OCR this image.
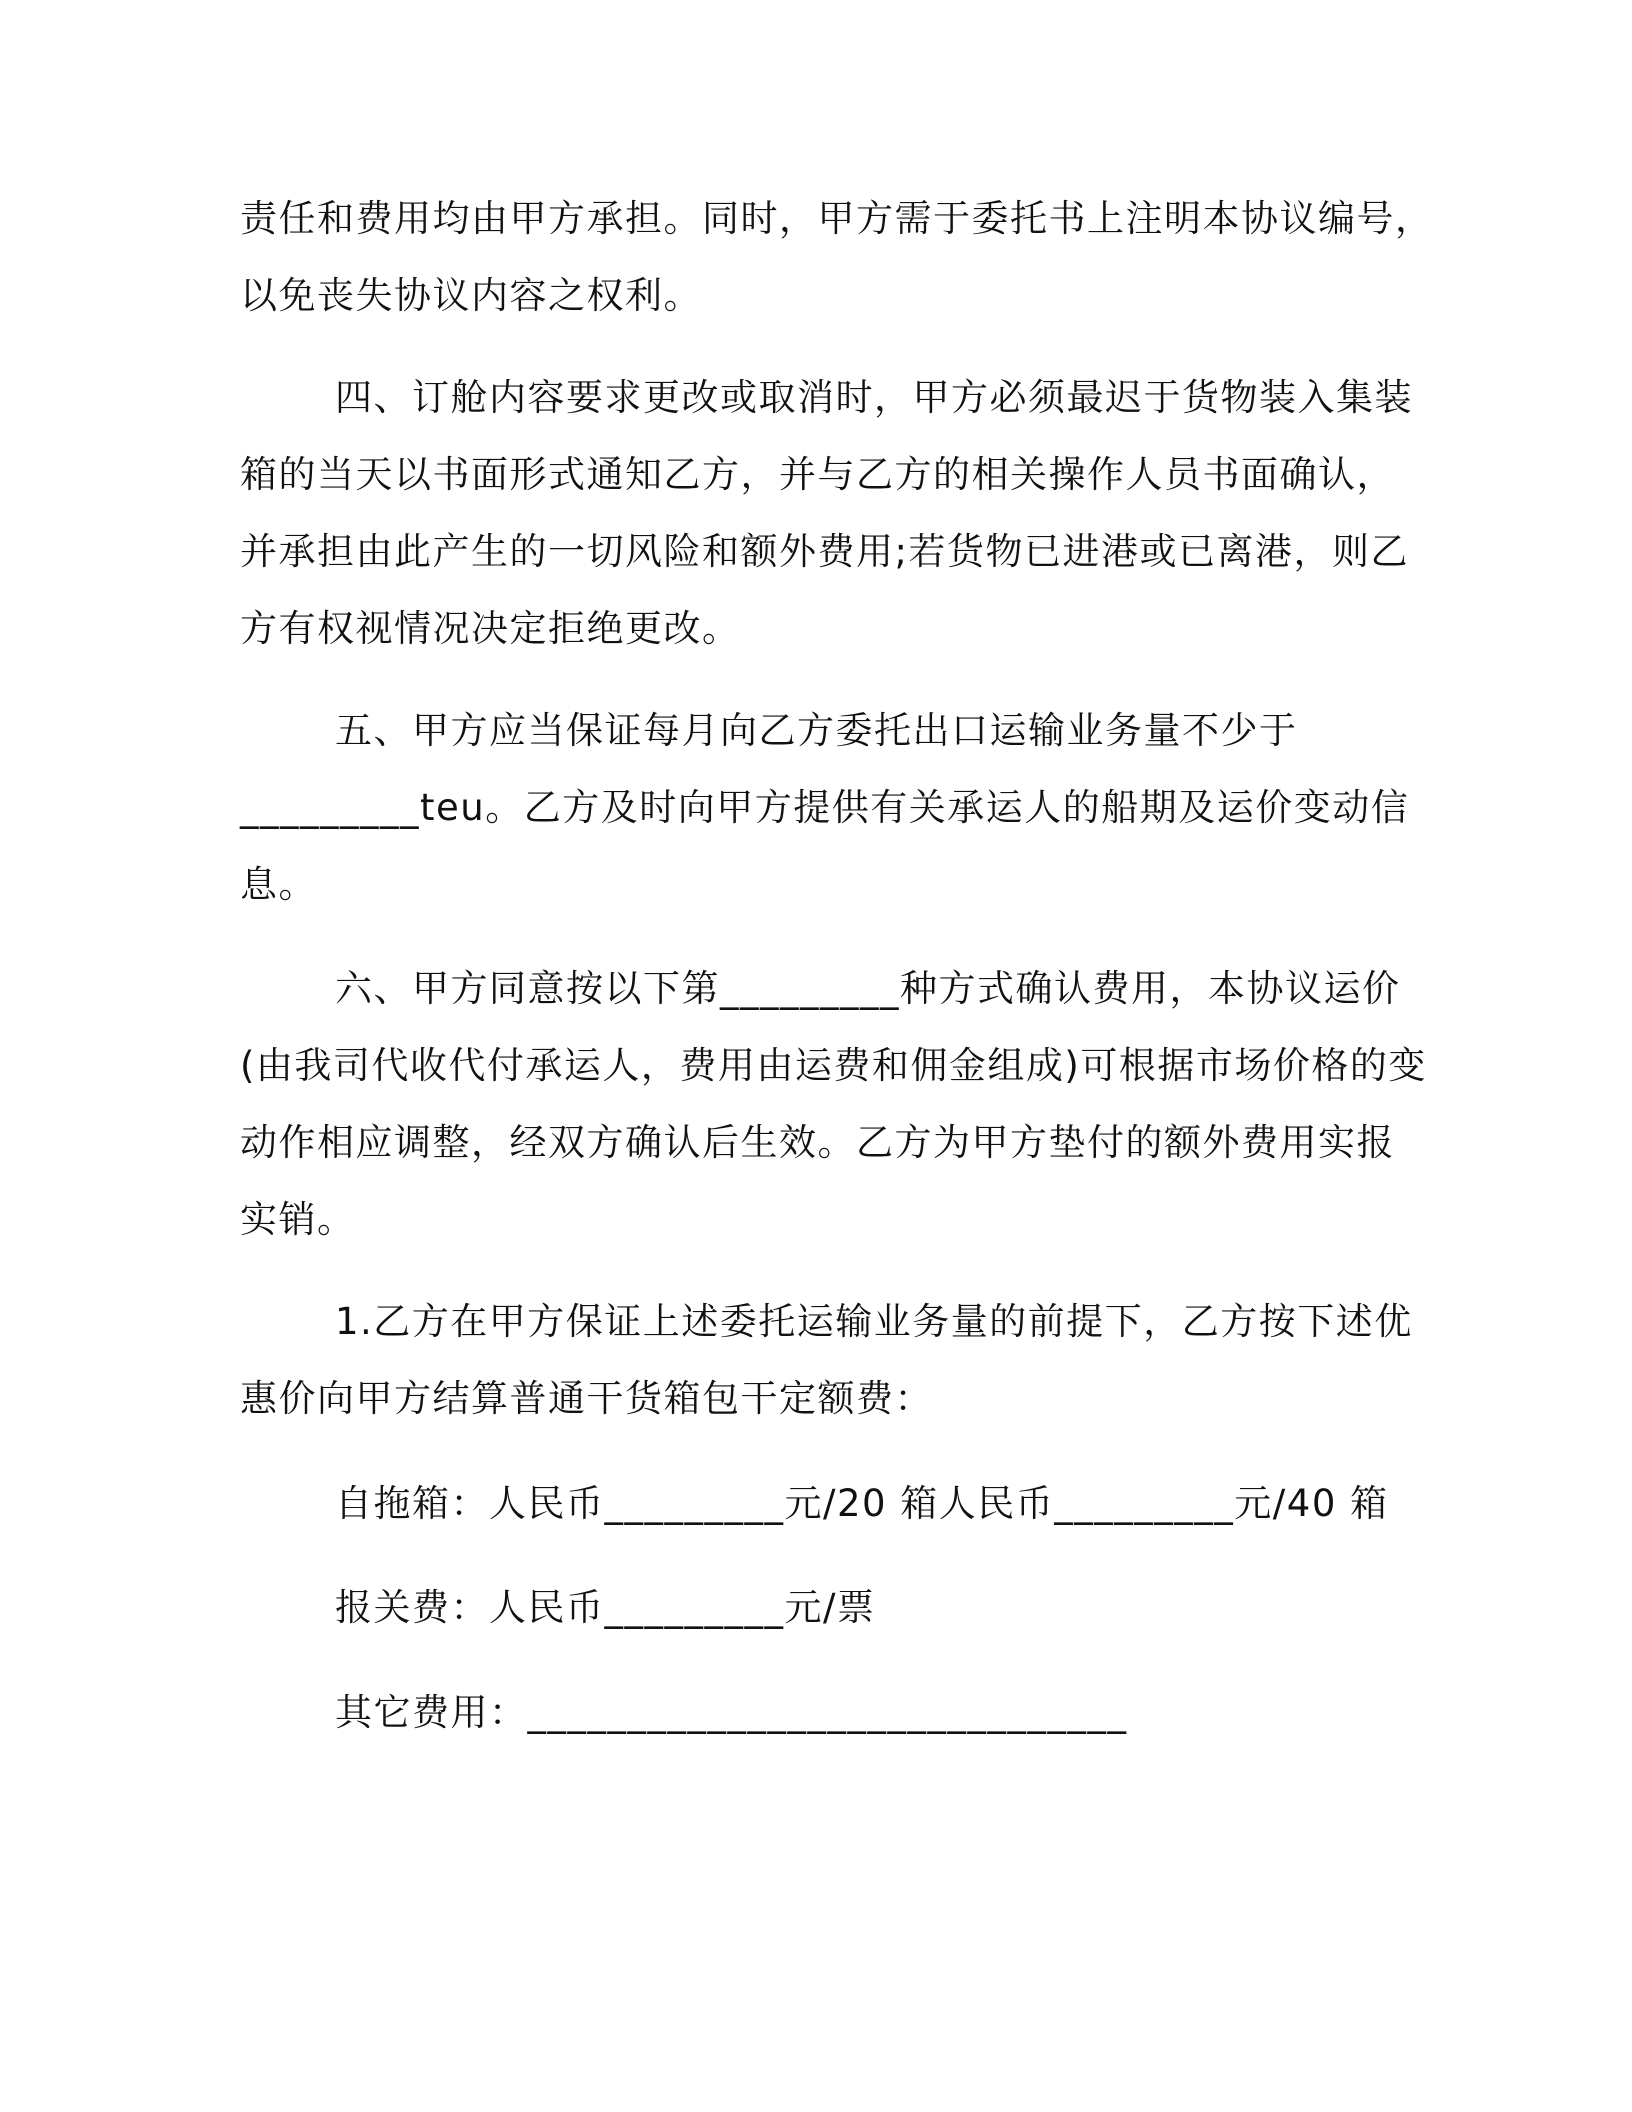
责任和费用均由甲方承担。同时，甲方需于委托书上注明本协议编号，
以免丧失协议内容之权利。

四、订舱内容要求更改或取消时，甲方必须最迟于货物装入集装
箱的当天以书面形式通知乙方，并与乙方的相关操作人员书面确认，
并承担由此产生的一切风险和额外费用;若货物已进港或已离港，则乙
方有权视情况决定拒绝更改。

五、甲方应当保证每月向乙方委托出口运输业务量不少于
_________teu。乙方及时向甲方提供有关承运人的船期及运价变动信
息。

六、甲方同意按以下第_________种方式确认费用，本协议运价
(由我司代收代付承运人，费用由运费和佣金组成)可根据市场价格的变
动作相应调整，经双方确认后生效。乙方为甲方垫付的额外费用实报
实销。

1.乙方在甲方保证上述委托运输业务量的前提下，乙方按下述优
惠价向甲方结算普通干货箱包干定额费：

自拖箱：人民币_________元/20 箱人民币_________元/40 箱

报关费：人民币_________元/票

其它费用：______________________________
